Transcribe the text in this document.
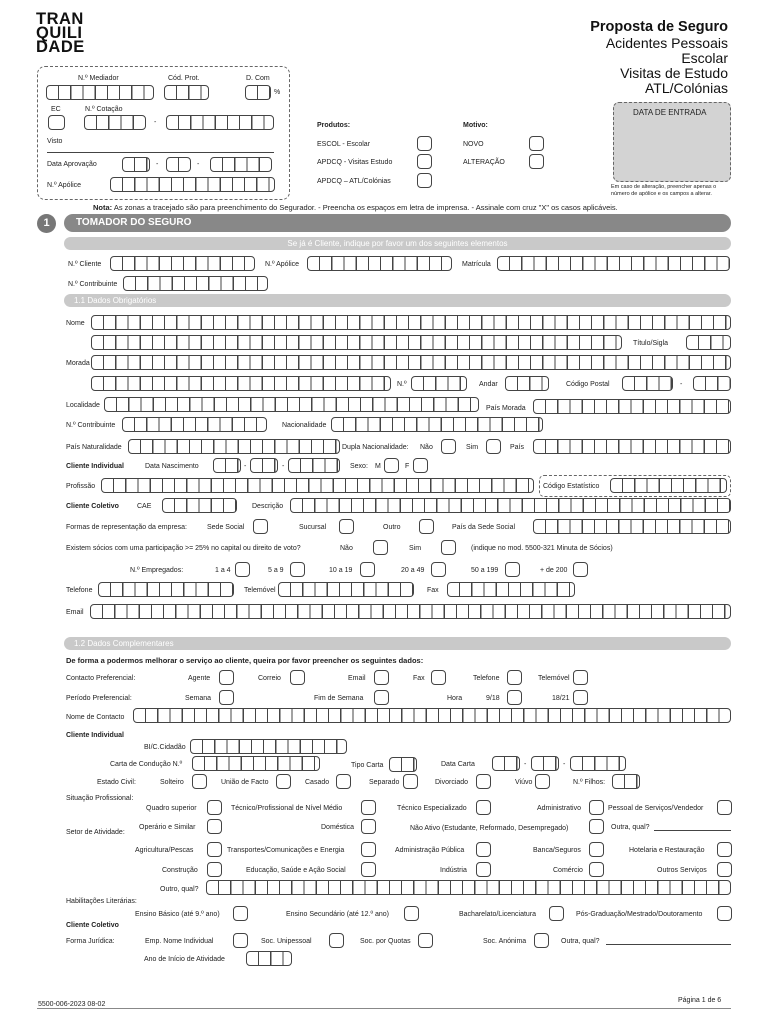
TRAN
QUILI
DADE
Proposta de Seguro
Acidentes Pessoais
Escolar
Visitas de Estudo
ATL/Colónias
N.º Mediador	Cód. Prot.	D. Com
%
EC	N.º Cotação
-
Visto
Data Aprovação	-	-
N.º Apólice
Produtos:
ESCOL - Escolar
APDCQ - Visitas Estudo
APDCQ – ATL/Colónias
Motivo:
NOVO
ALTERAÇÃO
DATA DE ENTRADA
Em caso de alteração, preencher apenas o
número de apólice e os campos a alterar.
Nota: As zonas a tracejado são para preenchimento do Segurador. - Preencha os espaços em letra de imprensa. - Assinale com cruz "X" os casos aplicáveis.
1	TOMADOR DO SEGURO
Se já é Cliente, indique por favor um dos seguintes elementos
N.º Cliente	N.º Apólice	Matrícula
N.º Contribuinte
1.1 Dados Obrigatórios
Nome
Título/Sigla
Morada
N.º	Andar	Código Postal	-
Localidade	País Morada
N.º Contribuinte	Nacionalidade
País Naturalidade	Dupla Nacionalidade: Não	Sim	País
Cliente Individual	Data Nascimento	-	-	Sexo: M	F
Profissão	Código Estatístico
Cliente Coletivo	CAE	Descrição
Formas de representação da empresa:	Sede Social	Sucursal	Outro	País da Sede Social
Existem sócios com uma participação >= 25% no capital ou direito de voto?	Não	Sim	(indique no mod. 5500-321 Minuta de Sócios)
N.º Empregados:	1 a 4	5 a 9	10 a 19	20 a 49	50 a 199	+ de 200
Telefone	Telemóvel	Fax
Email
1.2 Dados Complementares
De forma a podermos melhorar o serviço ao cliente, queira por favor preencher os seguintes dados:
Contacto Preferencial:	Agente	Correio	Email	Fax	Telefone	Telemóvel
Período Preferencial:	Semana	Fim de Semana	Hora	9/18	18/21
Nome de Contacto
Cliente Individual
BI/C.Cidadão
Carta de Condução N.º	Tipo Carta	Data Carta	-	-
Estado Civil:	Solteiro	União de Facto	Casado	Separado	Divorciado	Viúvo	N.º Filhos:
Situação Profissional:
Quadro superior	Técnico/Profissional de Nível Médio	Técnico Especializado	Administrativo	Pessoal de Serviços/Vendedor
Operário e Similar	Doméstica	Não Ativo (Estudante, Reformado, Desempregado)	Outra, qual?
Setor de Atividade:
Agricultura/Pescas	Transportes/Comunicações e Energia	Administração Pública	Banca/Seguros	Hotelaria e Restauração
Construção	Educação, Saúde e Ação Social	Indústria	Comércio	Outros Serviços
Outro, qual?
Habilitações Literárias:
Ensino Básico (até 9.º ano)	Ensino Secundário (até 12.º ano)	Bacharelato/Licenciatura	Pós-Graduação/Mestrado/Doutoramento
Cliente Coletivo
Forma Jurídica:	Emp. Nome Individual	Soc. Unipessoal	Soc. por Quotas	Soc. Anónima	Outra, qual?
Ano de Início de Atividade
5500-006-2023 08-02
Página 1 de 6
